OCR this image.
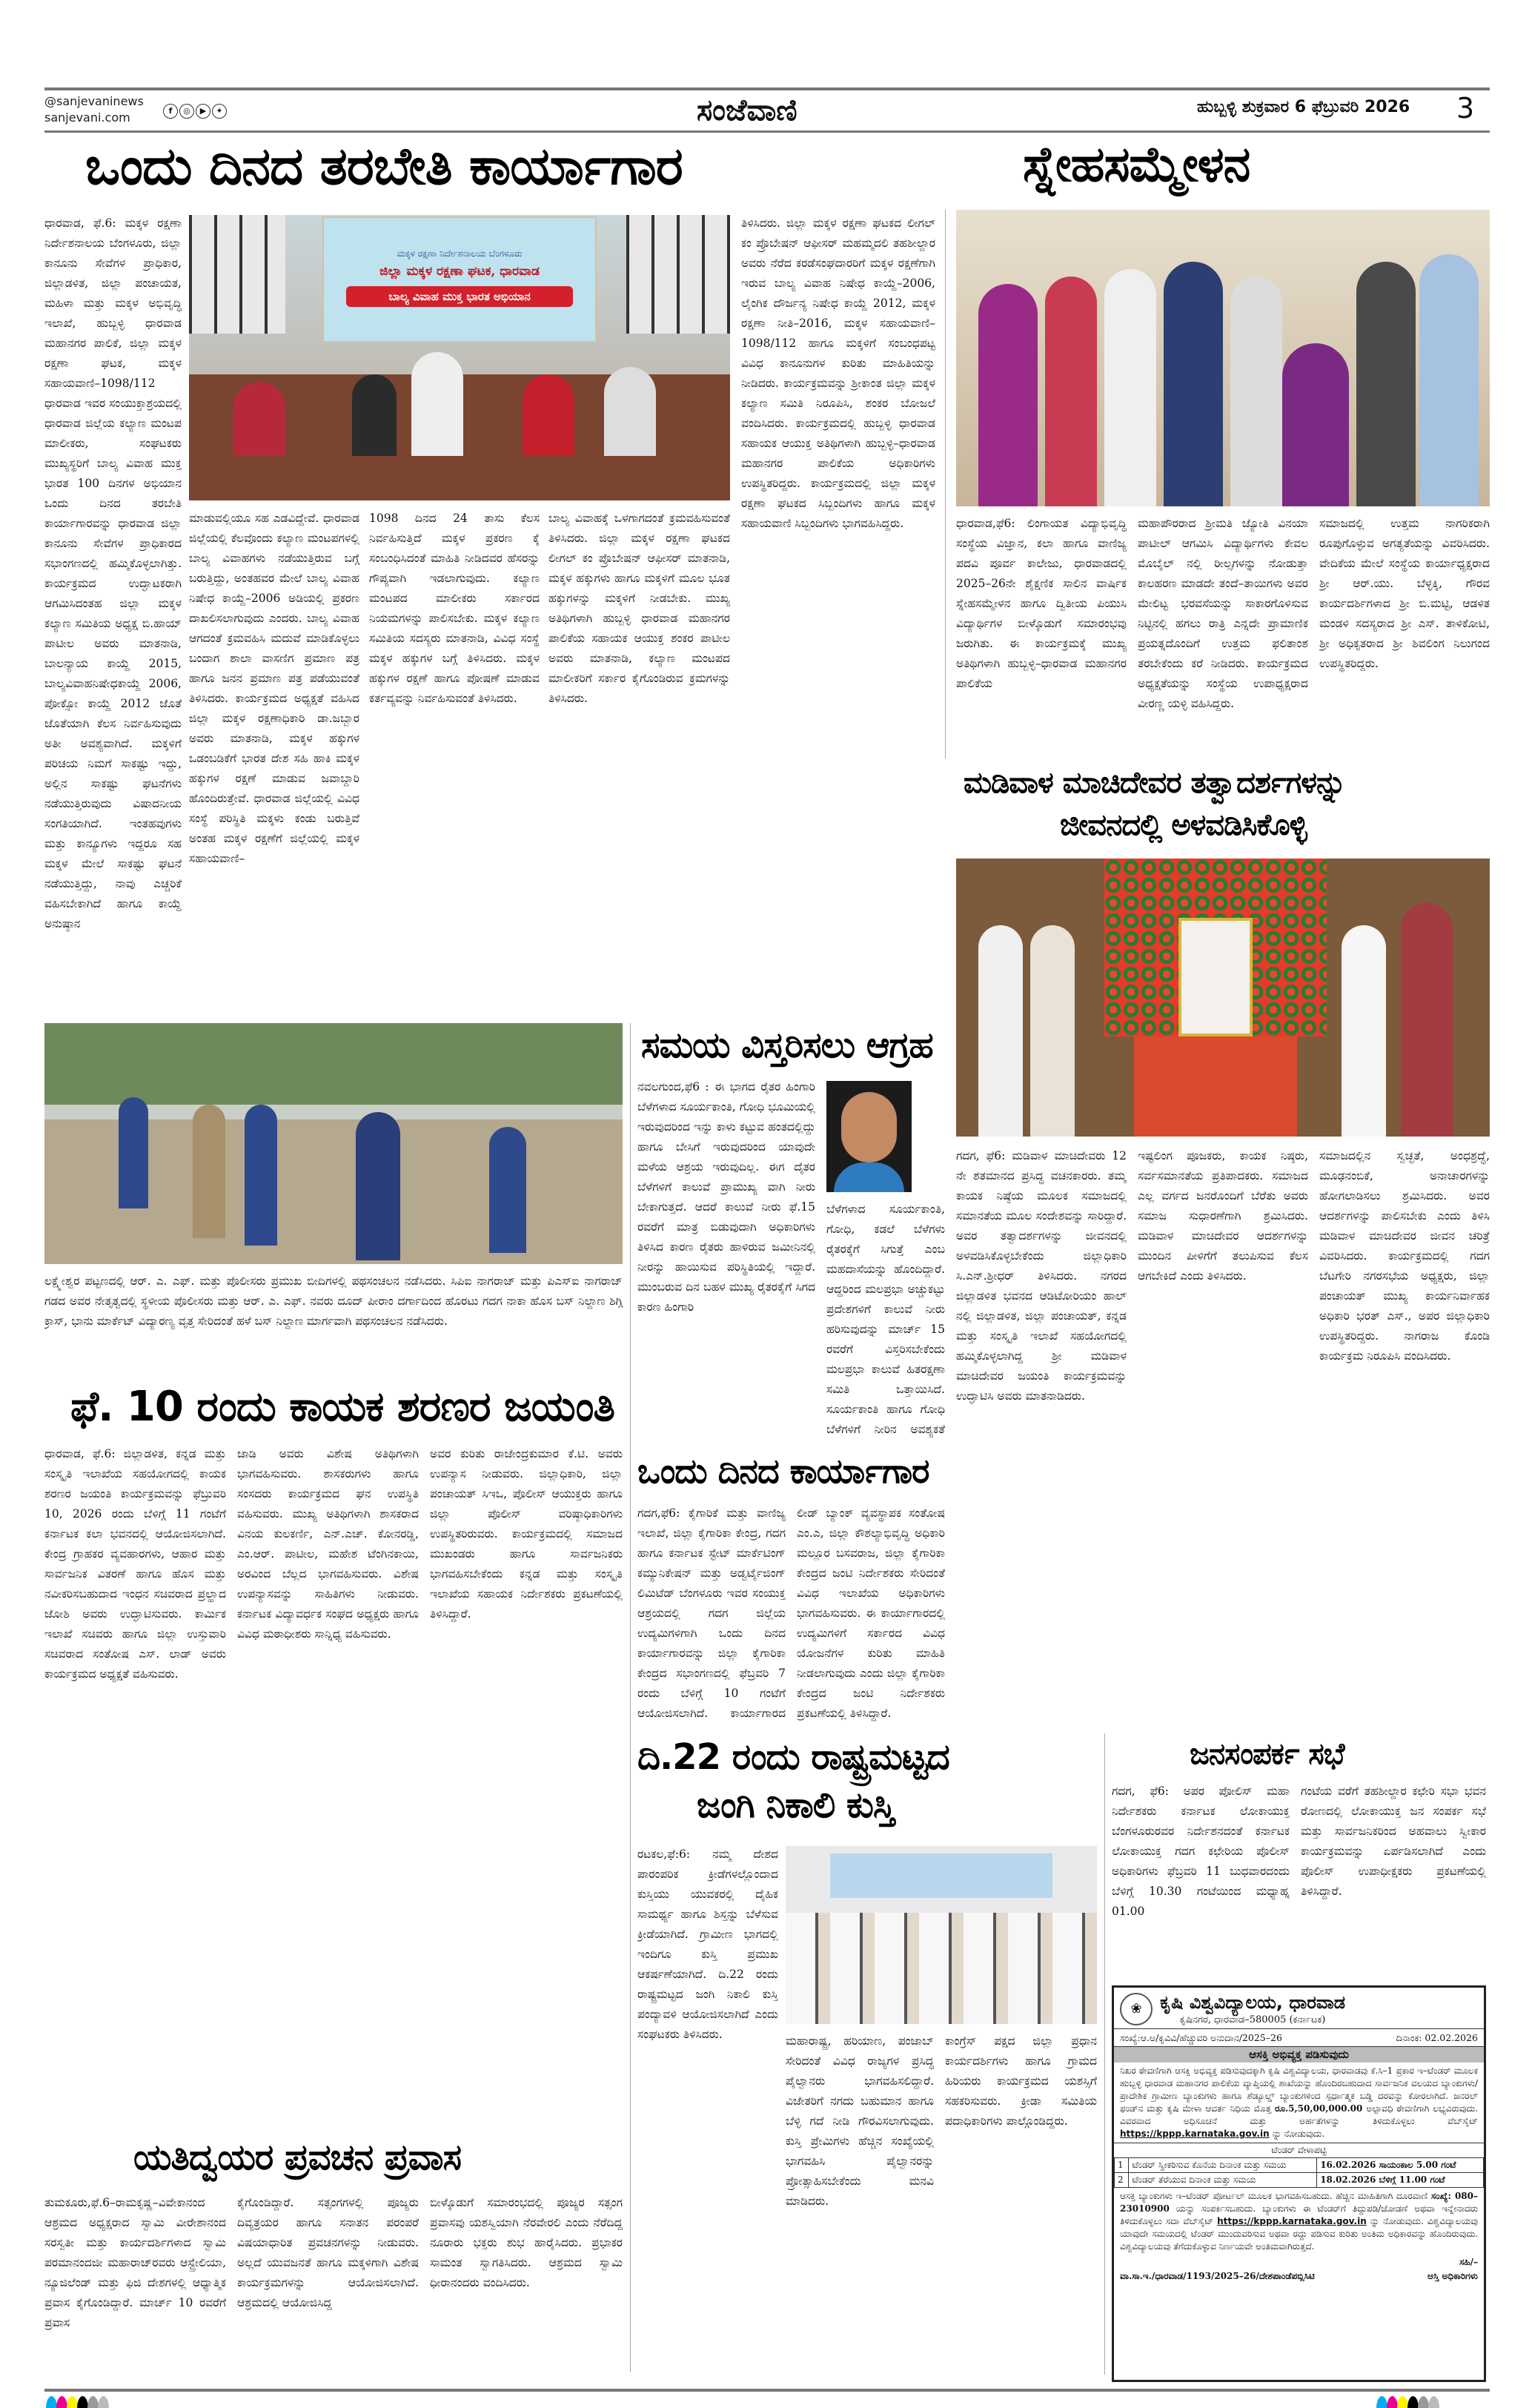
@sanjevaninews
sanjevani.com	f	◎	▶	✦	ಸಂಜೆವಾಣಿ	ಹುಬ್ಬಳ್ಳಿ ಶುಕ್ರವಾರ 6 ಫೆಬ್ರುವರಿ 2026 3
ಒಂದು ದಿನದ ತರಬೇತಿ ಕಾರ್ಯಾಗಾರ
ಧಾರವಾಡ, ಫೆ.6: ಮಕ್ಕಳ ರಕ್ಷಣಾ ನಿರ್ದೇಶನಾಲಯ ಬೆಂಗಳೂರು, ಜಿಲ್ಲಾ ಕಾನೂನು ಸೇವೆಗಳ ಪ್ರಾಧಿಕಾರ, ಜಿಲ್ಲಾಡಳಿತ, ಜಿಲ್ಲಾ ಪಂಚಾಯತ, ಮಹಿಳಾ ಮತ್ತು ಮಕ್ಕಳ ಅಭಿವೃದ್ಧಿ ಇಲಾಖೆ, ಹುಬ್ಬಳ್ಳಿ ಧಾರವಾಡ ಮಹಾನಗರ ಪಾಲಿಕೆ, ಜಿಲ್ಲಾ ಮಕ್ಕಳ ರಕ್ಷಣಾ ಘಟಕ, ಮಕ್ಕಳ ಸಹಾಯವಾಣಿ–1098/112 ಧಾರವಾಡ ಇವರ ಸಂಯುಕ್ತಾಶ್ರಯದಲ್ಲಿ ಧಾರವಾಡ ಜಿಲ್ಲೆಯ ಕಲ್ಯಾಣ ಮಂಟಪ ಮಾಲೀಕರು, ಸಂಘಟಕರು ಮುಖ್ಯಸ್ಥರಿಗೆ ಬಾಲ್ಯ ವಿವಾಹ ಮುಕ್ತ ಭಾರತ 100 ದಿನಗಳ ಅಭಿಯಾನ ಒಂದು ದಿನದ ತರಬೇತಿ ಕಾರ್ಯಾಗಾರವನ್ನು ಧಾರವಾಡ ಜಿಲ್ಲಾ ಕಾನೂನು ಸೇವೆಗಳ ಪ್ರಾಧಿಕಾರದ ಸಭಾಂಗಣದಲ್ಲಿ ಹಮ್ಮಿಕೊಳ್ಳಲಾಗಿತ್ತು. ಕಾರ್ಯಕ್ರಮದ ಉದ್ಘಾಟಕರಾಗಿ ಆಗಮಿಸಿದಂತಹ ಜಿಲ್ಲಾ ಮಕ್ಕಳ ಕಲ್ಯಾಣ ಸಮಿತಿಯ ಅಧ್ಯಕ್ಷ ಬಿ.ಹಾಯ್ ಪಾಟೀಲ ಅವರು ಮಾತನಾಡಿ, ಬಾಲನ್ಯಾಯ ಕಾಯ್ದೆ 2015, ಬಾಲ್ಯವಿವಾಹನಿಷೇಧಕಾಯ್ದೆ 2006, ಪೋಕ್ಸೋ ಕಾಯ್ದೆ 2012 ಜೊತೆ ಜೊತೆಯಾಗಿ ಕೆಲಸ ನಿರ್ವಹಿಸುವುದು ಅತೀ ಅವಶ್ಯವಾಗಿದೆ. ಮಕ್ಕಳಿಗೆ ಪರಿಚಯ ನಿಮಗೆ ಸಾಕಷ್ಟು ಇದ್ದು, ಅಲ್ಲಿನ ಸಾಕಷ್ಟು ಘಟನೆಗಳು ನಡೆಯುತ್ತಿರುವುದು ವಿಷಾದನೀಯ ಸಂಗತಿಯಾಗಿದೆ. ಇಂತಹವುಗಳು ಮತ್ತು ಕಾನ್ಯೂಗಳು ಇದ್ದರೂ ಸಹ ಮಕ್ಕಳ ಮೇಲೆ ಸಾಕಷ್ಟು ಘಟನೆ ನಡೆಯುತ್ತಿದ್ದು, ನಾವು ಎಚ್ಚರಿಕೆ ವಹಿಸಬೇಕಾಗಿದೆ ಹಾಗೂ ಕಾಯ್ದೆ ಅನುಷ್ಠಾನ
ಮಕ್ಕಳ ರಕ್ಷಣಾ ನಿರ್ದೇಶನಾಲಯ ಬೆಂಗಳೂರು
ಜಿಲ್ಲಾ ಮಕ್ಕಳ ರಕ್ಷಣಾ ಘಟಕ, ಧಾರವಾಡ
ಬಾಲ್ಯ ವಿವಾಹ ಮುಕ್ತ ಭಾರತ ಅಭಿಯಾನ
ಮಾಡುವಲ್ಲಿಯೂ ಸಹ ಎಡವಿದ್ದೇವೆ. ಧಾರವಾಡ ಜಿಲ್ಲೆಯಲ್ಲಿ ಕೆಲವೊಂದು ಕಲ್ಯಾಣ ಮಂಟಪಗಳಲ್ಲಿ ಬಾಲ್ಯ ವಿವಾಹಗಳು ನಡೆಯುತ್ತಿರುವ ಬಗ್ಗೆ ಬರುತ್ತಿದ್ದು, ಅಂತಹವರ ಮೇಲೆ ಬಾಲ್ಯ ವಿವಾಹ ನಿಷೇಧ ಕಾಯ್ದೆ–2006 ಅಡಿಯಲ್ಲಿ ಪ್ರಕರಣ ದಾಖಲಿಸಲಾಗುವುದು ಎಂದರು. ಬಾಲ್ಯ ವಿವಾಹ ಆಗದಂತೆ ಕ್ರಮವಹಿಸಿ ಮದುವೆ ಮಾಡಿಕೊಳ್ಳಲು ಬಂದಾಗ ಶಾಲಾ ವಾಸಣಿಗ ಪ್ರಮಾಣ ಪತ್ರ ಹಾಗೂ ಜನನ ಪ್ರಮಾಣ ಪತ್ರ ಪಡೆಯುವಂತೆ ತಿಳಿಸಿದರು. ಕಾರ್ಯಕ್ರಮದ ಅಧ್ಯಕ್ಷತೆ ವಹಿಸಿದ ಜಿಲ್ಲಾ ಮಕ್ಕಳ ರಕ್ಷಣಾಧಿಕಾರಿ ಡಾ.ಜಬ್ಬಾರ ಅವರು ಮಾತನಾಡಿ, ಮಕ್ಕಳ ಹಕ್ಕುಗಳ ಒಡಂಬಡಿಕೆಗೆ ಭಾರತ ದೇಶ ಸಹಿ ಹಾಕಿ ಮಕ್ಕಳ ಹಕ್ಕುಗಳ ರಕ್ಷಣೆ ಮಾಡುವ ಜವಾಬ್ದಾರಿ ಹೊಂದಿರುತ್ತೇವೆ. ಧಾರವಾಡ ಜಿಲ್ಲೆಯಲ್ಲಿ ವಿವಿಧ ಸಂಸ್ಥೆ ಪರಿಸ್ಥಿತಿ ಮಕ್ಕಳು ಕಂಡು ಬರುತ್ತಿವೆ ಅಂತಹ ಮಕ್ಕಳ ರಕ್ಷಣೆಗೆ ಜಿಲ್ಲೆಯಲ್ಲಿ ಮಕ್ಕಳ ಸಹಾಯವಾಣಿ–
1098 ದಿನದ 24 ತಾಸು ಕೆಲಸ ನಿರ್ವಹಿಸುತ್ತಿದೆ ಮಕ್ಕಳ ಪ್ರಕರಣ ಕ್ಕೆ ಸಂಬಂಧಿಸಿದಂತೆ ಮಾಹಿತಿ ನೀಡಿದವರ ಹೆಸರನ್ನು ಗೌಪ್ಯವಾಗಿ ಇಡಲಾಗುವುದು. ಕಲ್ಯಾಣ ಮಂಟಪದ ಮಾಲೀಕರು ಸರ್ಕಾರದ ನಿಯಮಗಳನ್ನು ಪಾಲಿಸಬೇಕು. ಮಕ್ಕಳ ಕಲ್ಯಾಣ ಸಮಿತಿಯ ಸದಸ್ಯರು ಮಾತನಾಡಿ, ವಿವಿಧ ಸಂಸ್ಥೆ ಮಕ್ಕಳ ಹಕ್ಕುಗಳ ಬಗ್ಗೆ ತಿಳಿಸಿದರು. ಮಕ್ಕಳ ಹಕ್ಕುಗಳ ರಕ್ಷಣೆ ಹಾಗೂ ಪೋಷಣೆ ಮಾಡುವ ಕರ್ತವ್ಯವನ್ನು ನಿರ್ವಹಿಸುವಂತೆ ತಿಳಿಸಿದರು.
ಬಾಲ್ಯ ವಿವಾಹಕ್ಕೆ ಒಳಗಾಗದಂತೆ ಕ್ರಮವಹಿಸುವಂತೆ ತಿಳಿಸಿದರು. ಜಿಲ್ಲಾ ಮಕ್ಕಳ ರಕ್ಷಣಾ ಘಟಕದ ಲೀಗಲ್ ಕಂ ಪ್ರೊಬೇಷನ್ ಆಫೀಸರ್ ಮಾತನಾಡಿ, ಮಕ್ಕಳ ಹಕ್ಕುಗಳು ಹಾಗೂ ಮಕ್ಕಳಿಗೆ ಮೂಲ ಭೂತ ಹಕ್ಕುಗಳನ್ನು ಮಕ್ಕಳಿಗೆ ನೀಡಬೇಕು. ಮುಖ್ಯ ಅತಿಥಿಗಳಾಗಿ ಹುಬ್ಬಳ್ಳಿ ಧಾರವಾಡ ಮಹಾನಗರ ಪಾಲಿಕೆಯ ಸಹಾಯಕ ಆಯುಕ್ತ ಶಂಕರ ಪಾಟೀಲ ಅವರು ಮಾತನಾಡಿ, ಕಲ್ಯಾಣ ಮಂಟಪದ ಮಾಲೀಕರಿಗೆ ಸರ್ಕಾರ ಕೈಗೊಂಡಿರುವ ಕ್ರಮಗಳನ್ನು ತಿಳಿಸಿದರು.
ತಿಳಿಸಿದರು. ಜಿಲ್ಲಾ ಮಕ್ಕಳ ರಕ್ಷಣಾ ಘಟಕದ ಲೀಗಲ್ ಕಂ ಪ್ರೊಬೇಷನ್ ಆಫೀಸರ್ ಮಹಮ್ಮದಲಿ ತಹಶೀಲ್ದಾರ ಅವರು ನೆರೆದ ಕರಡೆಸಂಘದಾರರಿಗೆ ಮಕ್ಕಳ ರಕ್ಷಣೆಗಾಗಿ ಇರುವ ಬಾಲ್ಯ ವಿವಾಹ ನಿಷೇಧ ಕಾಯ್ದೆ–2006, ಲೈಂಗಿಕ ದೌರ್ಜನ್ಯ ನಿಷೇಧ ಕಾಯ್ದೆ 2012, ಮಕ್ಕಳ ರಕ್ಷಣಾ ನೀತಿ–2016, ಮಕ್ಕಳ ಸಹಾಯವಾಣಿ–1098/112 ಹಾಗೂ ಮಕ್ಕಳಿಗೆ ಸಂಬಂಧಪಟ್ಟ ವಿವಿಧ ಕಾನೂನುಗಳ ಕುರಿತು ಮಾಹಿತಿಯನ್ನು ನೀಡಿದರು. ಕಾರ್ಯಕ್ರಮವನ್ನು ಶ್ರೀಕಾಂತ ಜಿಲ್ಲಾ ಮಕ್ಕಳ ಕಲ್ಯಾಣ ಸಮಿತಿ ನಿರೂಪಿಸಿ, ಶಂಕರ ಬೋಜಲೆ ವಂದಿಸಿದರು. ಕಾರ್ಯಕ್ರಮದಲ್ಲಿ ಹುಬ್ಬಳ್ಳಿ ಧಾರವಾಡ ಸಹಾಯಕ ಆಯುಕ್ತ ಅತಿಥಿಗಳಾಗಿ ಹುಬ್ಬಳ್ಳಿ–ಧಾರವಾಡ ಮಹಾನಗರ ಪಾಲಿಕೆಯ ಅಧಿಕಾರಿಗಳು ಉಪಸ್ಥಿತರಿದ್ದರು. ಕಾರ್ಯಕ್ರಮದಲ್ಲಿ ಜಿಲ್ಲಾ ಮಕ್ಕಳ ರಕ್ಷಣಾ ಘಟಕದ ಸಿಬ್ಬಂದಿಗಳು ಹಾಗೂ ಮಕ್ಕಳ ಸಹಾಯವಾಣಿ ಸಿಬ್ಬಂದಿಗಳು ಭಾಗವಹಿಸಿದ್ದರು.
ಸ್ನೇಹಸಮ್ಮೇಳನ
ಧಾರವಾಡ,ಫೆ6: ಲಿಂಗಾಯತ ವಿದ್ಯಾಭಿವೃದ್ಧಿ ಸಂಸ್ಥೆಯ ವಿಜ್ಞಾನ, ಕಲಾ ಹಾಗೂ ವಾಣಿಜ್ಯ ಪದವಿ ಪೂರ್ವ ಕಾಲೇಜು, ಧಾರವಾಡದಲ್ಲಿ 2025–26ನೇ ಶೈಕ್ಷಣಿಕ ಸಾಲಿನ ವಾರ್ಷಿಕ ಸ್ನೇಹಸಮ್ಮೇಳನ ಹಾಗೂ ದ್ವಿತೀಯ ಪಿಯುಸಿ ವಿದ್ಯಾರ್ಥಿಗಳ ಬೀಳ್ಕೊಡುಗೆ ಸಮಾರಂಭವು ಜರುಗಿತು. ಈ ಕಾರ್ಯಕ್ರಮಕ್ಕೆ ಮುಖ್ಯ ಅತಿಥಿಗಳಾಗಿ ಹುಬ್ಬಳ್ಳಿ–ಧಾರವಾಡ ಮಹಾನಗರ ಪಾಲಿಕೆಯ
ಮಹಾಪೌರರಾದ ಶ್ರೀಮತಿ ಜ್ಯೋತಿ ವಿನಯಾ ಪಾಟೀಲ್ ಆಗಮಿಸಿ ವಿದ್ಯಾರ್ಥಿಗಳು ಕೇವಲ ಮೊಬೈಲ್ ನಲ್ಲಿ ರೀಲ್ಸಗಳನ್ನು ನೋಡುತ್ತಾ ಕಾಲಹರಣ ಮಾಡದೇ ತಂದೆ–ತಾಯಿಗಳು ಅವರ ಮೇಲಿಟ್ಟ ಭರವಸೆಯನ್ನು ಸಾಕಾರಗೊಳಿಸುವ ನಿಟ್ಟಿನಲ್ಲಿ ಹಗಲು ರಾತ್ರಿ ಎನ್ನದೇ ಪ್ರಾಮಾಣಿಕ ಪ್ರಯತ್ನದೊಂದಿಗೆ ಉತ್ತಮ ಫಲಿತಾಂಶ ತರಬೇಕೆಂದು ಕರೆ ನೀಡಿದರು. ಕಾರ್ಯಕ್ರಮದ ಅಧ್ಯಕ್ಷತೆಯನ್ನು ಸಂಸ್ಥೆಯ ಉಪಾಧ್ಯಕ್ಷರಾದ ವೀರಣ್ಣ ಯಳ್ಳಿ ವಹಿಸಿದ್ದರು.
ಸಮಾಜದಲ್ಲಿ ಉತ್ತಮ ನಾಗರಿಕರಾಗಿ ರೂಪುಗೊಳ್ಳುವ ಅಗತ್ಯತೆಯನ್ನು ವಿವರಿಸಿದರು. ವೇದಿಕೆಯ ಮೇಲೆ ಸಂಸ್ಥೆಯ ಕಾರ್ಯಾಧ್ಯಕ್ಷರಾದ ಶ್ರೀ ಆರ್.ಯು. ಬೆಳ್ಳಕ್ಕಿ, ಗೌರವ ಕಾರ್ಯದರ್ಶಿಗಳಾದ ಶ್ರೀ ಬಿ.ಮಟ್ಟಿ, ಆಡಳಿತ ಮಂಡಳಿ ಸದಸ್ಯರಾದ ಶ್ರೀ ಎಸ್. ತಾಳಿಕೋಟಿ, ಶ್ರೀ ಅಧಿಕೃತರಾದ ಶ್ರೀ ಶಿವಲಿಂಗ ನಿಲುಗಂದ ಉಪಸ್ಥಿತರಿದ್ದರು.
ಮಡಿವಾಳ ಮಾಚಿದೇವರ ತತ್ವಾದರ್ಶಗಳನ್ನು
ಜೀವನದಲ್ಲಿ ಅಳವಡಿಸಿಕೊಳ್ಳಿ
ಗದಗ, ಫೆ6: ಮಡಿವಾಳ ಮಾಚಿದೇವರು 12 ನೇ ಶತಮಾನದ ಪ್ರಸಿದ್ಧ ವಚನಕಾರರು. ತಮ್ಮ ಕಾಯಕ ನಿಷ್ಠೆಯ ಮೂಲಕ ಸಮಾಜದಲ್ಲಿ ಸಮಾನತೆಯ ಮೂಲ ಸಂದೇಶವನ್ನು ಸಾರಿದ್ದಾರೆ. ಅವರ ತತ್ವಾದರ್ಶಗಳನ್ನು ಜೀವನದಲ್ಲಿ ಅಳವಡಿಸಿಕೊಳ್ಳಬೇಕೆಂದು ಜಿಲ್ಲಾಧಿಕಾರಿ ಸಿ.ಎನ್.ಶ್ರೀಧರ್ ತಿಳಿಸಿದರು. ನಗರದ ಜಿಲ್ಲಾಡಳಿತ ಭವನದ ಆಡಿಟೋರಿಯಂ ಹಾಲ್ ನಲ್ಲಿ ಜಿಲ್ಲಾಡಳಿತ, ಜಿಲ್ಲಾ ಪಂಚಾಯತ್, ಕನ್ನಡ ಮತ್ತು ಸಂಸ್ಕೃತಿ ಇಲಾಖೆ ಸಹಯೋಗದಲ್ಲಿ ಹಮ್ಮಿಕೊಳ್ಳಲಾಗಿದ್ದ ಶ್ರೀ ಮಡಿವಾಳ ಮಾಚಿದೇವರ ಜಯಂತಿ ಕಾರ್ಯಕ್ರಮವನ್ನು ಉದ್ಘಾಟಿಸಿ ಅವರು ಮಾತನಾಡಿದರು.
ಇಷ್ಟಲಿಂಗ ಪೂಜಕರು, ಕಾಯಕ ನಿಷ್ಠರು, ಸರ್ವಸಮಾನತೆಯ ಪ್ರತಿಪಾದಕರು. ಸಮಾಜದ ಎಲ್ಲ ವರ್ಗದ ಜನರೊಂದಿಗೆ ಬೆರೆತು ಅವರು ಸಮಾಜ ಸುಧಾರಣೆಗಾಗಿ ಶ್ರಮಿಸಿದರು. ಮಡಿವಾಳ ಮಾಚಿದೇವರ ಆದರ್ಶಗಳನ್ನು ಮುಂದಿನ ಪೀಳಿಗೆಗೆ ತಲುಪಿಸುವ ಕೆಲಸ ಆಗಬೇಕಿದೆ ಎಂದು ತಿಳಿಸಿದರು.
ಸಮಾಜದಲ್ಲಿನ ಸ್ವಚ್ಛತೆ, ಅಂಧಶ್ರದ್ಧೆ, ಮೂಢನಂಬಿಕೆ, ಅನಾಚಾರಗಳನ್ನು ಹೋಗಲಾಡಿಸಲು ಶ್ರಮಿಸಿದರು. ಅವರ ಆದರ್ಶಗಳನ್ನು ಪಾಲಿಸಬೇಕು ಎಂದು ತಿಳಿಸಿ ಮಡಿವಾಳ ಮಾಚಿದೇವರ ಜೀವನ ಚರಿತ್ರೆ ವಿವರಿಸಿದರು. ಕಾರ್ಯಕ್ರಮದಲ್ಲಿ ಗದಗ ಬೆಟಗೇರಿ ನಗರಸಭೆಯ ಅಧ್ಯಕ್ಷರು, ಜಿಲ್ಲಾ ಪಂಚಾಯತ್ ಮುಖ್ಯ ಕಾರ್ಯನಿರ್ವಾಹಕ ಅಧಿಕಾರಿ ಭರತ್ ಎಸ್., ಅಪರ ಜಿಲ್ಲಾಧಿಕಾರಿ ಉಪಸ್ಥಿತರಿದ್ದರು. ನಾಗರಾಜ ಕೊಂಡಿ ಕಾರ್ಯಕ್ರಮ ನಿರೂಪಿಸಿ ವಂದಿಸಿದರು.
ಲಕ್ಷ್ಮೇಶ್ವರ ಪಟ್ಟಣದಲ್ಲಿ ಆರ್. ಎ. ಎಫ್. ಮತ್ತು ಪೊಲೀಸರು ಪ್ರಮುಖ ಬೀದಿಗಳಲ್ಲಿ ಪಥಸಂಚಲನ ನಡೆಸಿದರು. ಸಿಪಿಐ ನಾಗರಾಜ್ ಮತ್ತು ಪಿಎಸ್‌ಐ ನಾಗರಾಜ್ ಗಡದ ಅವರ ನೇತೃತ್ವದಲ್ಲಿ ಸ್ಥಳೀಯ ಪೊಲೀಸರು ಮತ್ತು ಆರ್. ಎ. ಎಫ್. ನವರು ದೂದ್ ಪೀರಾಂ ದರ್ಗಾದಿಂದ ಹೊರಟು ಗದಗ ನಾಕಾ ಹೊಸ ಬಸ್ ನಿಲ್ದಾಣ ಶಿಗ್ಗಿ ಕ್ರಾಸ್, ಭಾನು ಮಾರ್ಕೆಟ್ ವಿದ್ಯಾರಣ್ಯ ವೃತ್ತ ಸೇರಿದಂತೆ ಹಳೆ ಬಸ್ ನಿಲ್ದಾಣ ಮಾರ್ಗವಾಗಿ ಪಥಸಂಚಲನ ನಡೆಸಿದರು.
ಸಮಯ ವಿಸ್ತರಿಸಲು ಆಗ್ರಹ
ನವಲಗುಂದ,ಫೆ6 : ಈ ಭಾಗದ ರೈತರ ಹಿಂಗಾರಿ ಬೆಳೆಗಳಾದ ಸೂರ್ಯಕಾಂತಿ, ಗೋಧಿ ಭೂಮಿಯಲ್ಲಿ ಇರುವುದರಿಂದ ಇನ್ನು ಕಾಳು ಕಟ್ಟುವ ಹಂತದಲ್ಲಿದ್ದು ಹಾಗೂ ಬೇಸಿಗೆ ಇರುವುದರಿಂದ ಯಾವುದೇ ಮಳೆಯ ಆಶ್ರಯ ಇರುವುದಿಲ್ಲ. ಈಗ ದೈತರ ಬೆಳೆಗಳಿಗೆ ಕಾಲುವೆ ಪ್ರಾಮುಖ್ಯ ವಾಗಿ ನೀರು ಬೇಕಾಗುತ್ತದೆ. ಆದರೆ ಕಾಲುವೆ ನೀರು ಫೆ.15 ರವರೆಗೆ ಮಾತ್ರ ಬಿಡುವುದಾಗಿ ಅಧಿಕಾರಿಗಳು ತಿಳಿಸಿದ ಕಾರಣ ರೈತರು ಹಾಳಿರುವ ಜಮೀನಿನಲ್ಲಿ ನೀರನ್ನು ಹಾಯಿಸುವ ಪರಿಸ್ಥಿತಿಯಲ್ಲಿ ಇದ್ದಾರೆ. ಮುಂಬರುವ ದಿನ ಬಹಳ ಮುಖ್ಯ ರೈತರಕೈಗೆ ಸಿಗದ ಕಾರಣ ಹಿಂಗಾರಿ
ಬೆಳೆಗಳಾದ ಸೂರ್ಯಕಾಂತಿ, ಗೋಧಿ, ಕಡಲೆ ಬೆಳೆಗಳು ರೈತರಕ್ಕೆಗೆ ಸಿಗುತ್ತೆ ಎಂಬ ಮಹದಾಸೆಯನ್ನು ಹೊಂದಿದ್ದಾರೆ. ಆದ್ದರಿಂದ ಮಲಪ್ರಭಾ ಅಚ್ಚುಕಟ್ಟು ಪ್ರದೇಶಗಳಿಗೆ ಕಾಲುವೆ ನೀರು ಹರಿಸುವುದನ್ನು ಮಾರ್ಚ್ 15 ರವರೆಗೆ ವಿಸ್ತರಿಸಬೇಕೆಂದು ಮಲಪ್ರಭಾ ಕಾಲುವೆ ಹಿತರಕ್ಷಣಾ ಸಮಿತಿ ಒತ್ತಾಯಿಸಿದೆ. ಸೂರ್ಯಕಾಂತಿ ಹಾಗೂ ಗೋಧಿ ಬೆಳೆಗಳಿಗೆ ನೀರಿನ ಅವಶ್ಯಕತೆ
ಒಂದು ದಿನದ ಕಾರ್ಯಾಗಾರ
ಗದಗ,ಫೆ6: ಕೈಗಾರಿಕೆ ಮತ್ತು ವಾಣಿಜ್ಯ ಇಲಾಖೆ, ಜಿಲ್ಲಾ ಕೈಗಾರಿಕಾ ಕೇಂದ್ರ, ಗದಗ ಹಾಗೂ ಕರ್ನಾಟಕ ಸ್ಟೇಟ್ ಮಾರ್ಕೆಟಿಂಗ್ ಕಮ್ಯುನಿಕೇಷನ್ ಮತ್ತು ಅಡ್ವರ್ಟೈಜಿಂಗ್ ಲಿಮಿಟೆಡ್ ಬೆಂಗಳೂರು ಇವರ ಸಂಯುಕ್ತ ಆಶ್ರಯದಲ್ಲಿ ಗದಗ ಜಿಲ್ಲೆಯ ಉದ್ಯಮಿಗಳಿಗಾಗಿ ಒಂದು ದಿನದ ಕಾರ್ಯಾಗಾರವನ್ನು ಜಿಲ್ಲಾ ಕೈಗಾರಿಕಾ ಕೇಂದ್ರದ ಸಭಾಂಗಣದಲ್ಲಿ ಫೆಬ್ರವರಿ 7 ರಂದು ಬೆಳಿಗ್ಗೆ 10 ಗಂಟೆಗೆ ಆಯೋಜಿಸಲಾಗಿದೆ. ಕಾರ್ಯಾಗಾರದ
ಲೀಡ್ ಬ್ಯಾಂಕ್ ವ್ಯವಸ್ಥಾಪಕ ಸಂತೋಷ ಎಂ.ಎ, ಜಿಲ್ಲಾ ಕೌಶಲ್ಯಾಭಿವೃದ್ಧಿ ಅಧಿಕಾರಿ ಮಲ್ಲೂರ ಬಸವರಾಜ, ಜಿಲ್ಲಾ ಕೈಗಾರಿಕಾ ಕೇಂದ್ರದ ಜಂಟಿ ನಿರ್ದೇಶಕರು ಸೇರಿದಂತೆ ವಿವಿಧ ಇಲಾಖೆಯ ಅಧಿಕಾರಿಗಳು ಭಾಗವಹಿಸುವರು. ಈ ಕಾರ್ಯಾಗಾರದಲ್ಲಿ ಉದ್ಯಮಿಗಳಿಗೆ ಸರ್ಕಾರದ ವಿವಿಧ ಯೋಜನೆಗಳ ಕುರಿತು ಮಾಹಿತಿ ನೀಡಲಾಗುವುದು ಎಂದು ಜಿಲ್ಲಾ ಕೈಗಾರಿಕಾ ಕೇಂದ್ರದ ಜಂಟಿ ನಿರ್ದೇಶಕರು ಪ್ರಕಟಣೆಯಲ್ಲಿ ತಿಳಿಸಿದ್ದಾರೆ.
ಫೆ. 10 ರಂದು ಕಾಯಕ ಶರಣರ ಜಯಂತಿ
ಧಾರವಾಡ, ಫೆ.6: ಜಿಲ್ಲಾಡಳಿತ, ಕನ್ನಡ ಮತ್ತು ಸಂಸ್ಕೃತಿ ಇಲಾಖೆಯ ಸಹಯೋಗದಲ್ಲಿ ಕಾಯಕ ಶರಣರ ಜಯಂತಿ ಕಾರ್ಯಕ್ರಮವನ್ನು ಫೆಬ್ರುವರಿ 10, 2026 ರಂದು ಬೆಳಿಗ್ಗೆ 11 ಗಂಟೆಗೆ ಕರ್ನಾಟಕ ಕಲಾ ಭವನದಲ್ಲಿ ಆಯೋಜಿಸಲಾಗಿದೆ. ಕೇಂದ್ರ ಗ್ರಾಹಕರ ವ್ಯವಹಾರಗಳು, ಆಹಾರ ಮತ್ತು ಸಾರ್ವಜನಿಕ ವಿತರಣೆ ಹಾಗೂ ಹೊಸ ಮತ್ತು ನವೀಕರಿಸಬಹುದಾದ ಇಂಧನ ಸಚಿವರಾದ ಪ್ರಲ್ಹಾದ ಜೋಶಿ ಅವರು ಉದ್ಘಾಟಿಸುವರು. ಕಾರ್ಮಿಕ ಇಲಾಖೆ ಸಚಿವರು ಹಾಗೂ ಜಿಲ್ಲಾ ಉಸ್ತುವಾರಿ ಸಚಿವರಾದ ಸಂತೋಷ ಎಸ್. ಲಾಡ್ ಅವರು ಕಾರ್ಯಕ್ರಮದ ಅಧ್ಯಕ್ಷತೆ ವಹಿಸುವರು.
ಜಾಡಿ ಅವರು ವಿಶೇಷ ಅತಿಥಿಗಳಾಗಿ ಭಾಗವಹಿಸುವರು. ಶಾಸಕರುಗಳು ಹಾಗೂ ಸಂಸದರು ಕಾರ್ಯಕ್ರಮದ ಘನ ಉಪಸ್ಥಿತಿ ವಹಿಸುವರು. ಮುಖ್ಯ ಅತಿಥಿಗಳಾಗಿ ಶಾಸಕರಾದ ವಿನಯ ಕುಲಕರ್ಣಿ, ಎನ್.ಎಚ್. ಕೋನರಡ್ಡಿ, ಎಂ.ಆರ್. ಪಾಟೀಲ, ಮಹೇಶ ಟೆಂಗಿನಕಾಯಿ, ಅರವಿಂದ ಬೆಲ್ಲದ ಭಾಗವಹಿಸುವರು. ವಿಶೇಷ ಉಪನ್ಯಾಸವನ್ನು ಸಾಹಿತಿಗಳು ನೀಡುವರು. ಕರ್ನಾಟಕ ವಿದ್ಯಾವರ್ಧಕ ಸಂಘದ ಅಧ್ಯಕ್ಷರು ಹಾಗೂ ವಿವಿಧ ಮಠಾಧೀಶರು ಸಾನ್ನಿಧ್ಯ ವಹಿಸುವರು.
ಅವರ ಕುರಿತು ರಾಜೇಂದ್ರಕುಮಾರ ಕೆ.ಟಿ. ಅವರು ಉಪನ್ಯಾಸ ನೀಡುವರು. ಜಿಲ್ಲಾಧಿಕಾರಿ, ಜಿಲ್ಲಾ ಪಂಚಾಯತ್ ಸಿಇಒ, ಪೊಲೀಸ್ ಆಯುಕ್ತರು ಹಾಗೂ ಜಿಲ್ಲಾ ಪೊಲೀಸ್ ವರಿಷ್ಠಾಧಿಕಾರಿಗಳು ಉಪಸ್ಥಿತರಿರುವರು. ಕಾರ್ಯಕ್ರಮದಲ್ಲಿ ಸಮಾಜದ ಮುಖಂಡರು ಹಾಗೂ ಸಾರ್ವಜನಿಕರು ಭಾಗವಹಿಸಬೇಕೆಂದು ಕನ್ನಡ ಮತ್ತು ಸಂಸ್ಕೃತಿ ಇಲಾಖೆಯ ಸಹಾಯಕ ನಿರ್ದೇಶಕರು ಪ್ರಕಟಣೆಯಲ್ಲಿ ತಿಳಿಸಿದ್ದಾರೆ.
ಯತಿದ್ವಯರ ಪ್ರವಚನ ಪ್ರವಾಸ
ತುಮಕೂರು,ಫೆ.6–ರಾಮಕೃಷ್ಣ–ವಿವೇಕಾನಂದ ಆಶ್ರಮದ ಅಧ್ಯಕ್ಷರಾದ ಸ್ವಾಮಿ ವೀರೇಶಾನಂದ ಸರಸ್ವತೀ ಮತ್ತು ಕಾರ್ಯದರ್ಶಿಗಳಾದ ಸ್ವಾಮಿ ಪರಮಾನಂದಜೀ ಮಹಾರಾಜ್‌ರವರು ಆಸ್ಟ್ರೇಲಿಯಾ, ನ್ಯೂಜಿಲೆಂಡ್ ಮತ್ತು ಫಿಜಿ ದೇಶಗಳಲ್ಲಿ ಆಧ್ಯಾತ್ಮಿಕ ಪ್ರವಾಸ ಕೈಗೊಂಡಿದ್ದಾರೆ. ಮಾರ್ಚ್ 10 ರವರೆಗೆ ಪ್ರವಾಸ
ಕೈಗೊಂಡಿದ್ದಾರೆ. ಸತ್ಸಂಗಗಳಲ್ಲಿ ಪೂಜ್ಯರು ದಿವ್ಯತ್ರಯರ ಹಾಗೂ ಸನಾತನ ಪರಂಪರೆ ವಿಷಯಾಧಾರಿತ ಪ್ರವಚನಗಳನ್ನು ನೀಡುವರು. ಅಲ್ಲದೆ ಯುವಜನತೆ ಹಾಗೂ ಮಕ್ಕಳಿಗಾಗಿ ವಿಶೇಷ ಕಾರ್ಯಕ್ರಮಗಳನ್ನು ಆಯೋಜಿಸಲಾಗಿದೆ. ಆಶ್ರಮದಲ್ಲಿ ಆಯೋಜಿಸಿದ್ದ
ಬೀಳ್ಕೊಡುಗೆ ಸಮಾರಂಭದಲ್ಲಿ ಪೂಜ್ಯರ ಸತ್ಸಂಗ ಪ್ರವಾಸವು ಯಶಸ್ವಿಯಾಗಿ ನೆರವೇರಲಿ ಎಂದು ನೆರೆದಿದ್ದ ನೂರಾರು ಭಕ್ತರು ಶುಭ ಹಾರೈಸಿದರು. ಪ್ರಭಾಕರ ಸಾಮಂತ ಸ್ವಾಗತಿಸಿದರು. ಆಶ್ರಮದ ಸ್ವಾಮಿ ಧೀರಾನಂದರು ವಂದಿಸಿದರು.
ದಿ.22 ರಂದು ರಾಷ್ಟ್ರಮಟ್ಟದ
ಜಂಗಿ ನಿಕಾಲಿ ಕುಸ್ತಿ
ರಟಕಲ,ಫೆ:6: ನಮ್ಮ ದೇಶದ ಪಾರಂಪರಿಕ ಕ್ರೀಡೆಗಳಲ್ಲೊಂದಾದ ಕುಸ್ತಿಯು ಯುವಕರಲ್ಲಿ ದೈಹಿಕ ಸಾಮರ್ಥ್ಯ ಹಾಗೂ ಶಿಸ್ತನ್ನು ಬೆಳೆಸುವ ಕ್ರೀಡೆಯಾಗಿದೆ. ಗ್ರಾಮೀಣ ಭಾಗದಲ್ಲಿ ಇಂದಿಗೂ ಕುಸ್ತಿ ಪ್ರಮುಖ ಆಕರ್ಷಣೆಯಾಗಿದೆ. ದಿ.22 ರಂದು ರಾಷ್ಟ್ರಮಟ್ಟದ ಜಂಗಿ ನಿಕಾಲಿ ಕುಸ್ತಿ ಪಂದ್ಯಾವಳಿ ಆಯೋಜಿಸಲಾಗಿದೆ ಎಂದು ಸಂಘಟಕರು ತಿಳಿಸಿದರು.	ಮಹಾರಾಷ್ಟ್ರ, ಹರಿಯಾಣ, ಪಂಜಾಬ್ ಸೇರಿದಂತೆ ವಿವಿಧ ರಾಜ್ಯಗಳ ಪ್ರಸಿದ್ಧ ಪೈಲ್ವಾನರು ಭಾಗವಹಿಸಲಿದ್ದಾರೆ. ವಿಜೇತರಿಗೆ ನಗದು ಬಹುಮಾನ ಹಾಗೂ ಬೆಳ್ಳಿ ಗದೆ ನೀಡಿ ಗೌರವಿಸಲಾಗುವುದು. ಕುಸ್ತಿ ಪ್ರೇಮಿಗಳು ಹೆಚ್ಚಿನ ಸಂಖ್ಯೆಯಲ್ಲಿ ಭಾಗವಹಿಸಿ ಪೈಲ್ವಾನರನ್ನು ಪ್ರೋತ್ಸಾಹಿಸಬೇಕೆಂದು ಮನವಿ ಮಾಡಿದರು.
ಕಾಂಗ್ರೆಸ್ ಪಕ್ಷದ ಜಿಲ್ಲಾ ಪ್ರಧಾನ ಕಾರ್ಯದರ್ಶಿಗಳು ಹಾಗೂ ಗ್ರಾಮದ ಹಿರಿಯರು ಕಾರ್ಯಕ್ರಮದ ಯಶಸ್ಸಿಗೆ ಸಹಕರಿಸುವರು. ಕ್ರೀಡಾ ಸಮಿತಿಯ ಪದಾಧಿಕಾರಿಗಳು ಪಾಲ್ಗೊಂಡಿದ್ದರು.
ಜನಸಂಪರ್ಕ ಸಭೆ
ಗದಗ, ಫೆ6: ಅಪರ ಪೋಲಿಸ್ ಮಹಾ ನಿರ್ದೇಶಕರು ಕರ್ನಾಟಕ ಲೋಕಾಯುಕ್ತ ಬೆಂಗಳೂರುರವರ ನಿರ್ದೇಶನದಂತೆ ಕರ್ನಾಟಕ ಲೋಕಾಯುಕ್ತ ಗದಗ ಕಛೇರಿಯ ಪೊಲೀಸ್ ಅಧಿಕಾರಿಗಳು ಫೆಬ್ರವರಿ 11 ಬುಧವಾರದಂದು ಬೆಳಿಗ್ಗೆ 10.30 ಗಂಟೆಯಿಂದ ಮಧ್ಯಾಹ್ನ 01.00
ಗಂಟೆಯ ವರೆಗೆ ತಹಶೀಲ್ದಾರ ಕಛೇರಿ ಸಭಾ ಭವನ ರೋಣದಲ್ಲಿ ಲೋಕಾಯುಕ್ತ ಜನ ಸಂಪರ್ಕ ಸಭೆ ಮತ್ತು ಸಾರ್ವಜನಿಕರಿಂದ ಅಹವಾಲು ಸ್ವೀಕಾರ ಕಾರ್ಯಕ್ರಮವನ್ನು ಏರ್ಪಡಿಸಲಾಗಿದೆ ಎಂದು ಪೊಲೀಸ್ ಉಪಾಧೀಕ್ಷಕರು ಪ್ರಕಟಣೆಯಲ್ಲಿ ತಿಳಿಸಿದ್ದಾರೆ.
❀	ಕೃಷಿ ವಿಶ್ವವಿದ್ಯಾಲಯ, ಧಾರವಾಡ
ಕೃಷಿನಗರ, ಧಾರವಾಡ–580005 (ಕರ್ನಾಟಕ)
ಸಂಖ್ಯೆ:ಆ.ಅ/ಕೃವಿವಿ/ಹೆಚ್ಚುವರಿ ಅನುದಾನ/2025–26	ದಿನಾಂಕ: 02.02.2026
ಆಸಕ್ತಿ ಅಭಿವ್ಯಕ್ತ ಪಡಿಸುವುದು
ನಿಖರ ಠೇವಣಿಗಾಗಿ ಆಸಕ್ತಿ ಅಭಿವ್ಯಕ್ತ ಪಡಿಸುವುದಕ್ಕಾಗಿ ಕೃಷಿ ವಿಶ್ವವಿದ್ಯಾಲಯ, ಧಾರವಾಡವು ಕೆ.ಸಿ–1 ಪ್ರಕಾರ ಇ–ಟೆಂಡರ್ ಮೂಲಕ ಹುಬ್ಬಳ್ಳಿ ಧಾರವಾಡ ಮಹಾನಗರ ಪಾಲಿಕೆಯ ವ್ಯಾಪ್ತಿಯಲ್ಲಿ ಶಾಖೆಯನ್ನು ಹೊಂದಿರಬಹುದಾದ ಸಾರ್ವಜನಿಕ ವಲಯದ ಬ್ಯಾಂಕುಗಳು/ಪ್ರಾದೇಶಿಕ ಗ್ರಾಮೀಣ ಬ್ಯಾಂಕುಗಳು ಹಾಗೂ ಶೆಡ್ಯೂಲ್ಡ್ ಬ್ಯಾಂಕುಗಳಿಂದ ಸ್ಪರ್ಧಾತ್ಮಕ ಬಡ್ಡಿ ದರವನ್ನು ಕೋರಲಾಗಿದೆ. ಜನರಲ್ ಫಂಡ್‌ನ ಮತ್ತು ಕೃಷಿ ಮೇಳಾ ಆವರ್ತ ನಿಧಿಯ ಮೊತ್ತ ರೂ.5,50,00,000.00 ಅಲ್ಪಾವಧಿ ಠೇವಣಿಗಾಗಿ ಲಭ್ಯವಿರುವುದು. ವಿವರವಾದ ಅಧಿಸೂಚನೆ ಮತ್ತು ಅರ್ಹತೆಗಳನ್ನು ತಿಳಿದುಕೊಳ್ಳಲು ವೆಬ್‌ಸೈಟ್ https://kppp.karnataka.gov.in ನ್ನು ನೋಡುವುದು.
ಟೆಂಡರ್ ವೇಳಾಪಟ್ಟಿ
1	ಟೆಂಡರ್ ಸ್ವೀಕರಿಸುವ ಕೊನೆಯ ದಿನಾಂಕ ಮತ್ತು ಸಮಯ	16.02.2026 ಸಾಯಂಕಾಲ 5.00 ಗಂಟೆ
2	ಟೆಂಡರ್ ತೆರೆಯುವ ದಿನಾಂಕ ಮತ್ತು ಸಮಯ	18.02.2026 ಬೆಳಿಗ್ಗೆ 11.00 ಗಂಟೆ
ಆಸಕ್ತ ಬ್ಯಾಂಕುಗಳು ಇ–ಟೆಂಡರ್ ಪೋರ್ಟಲ್ ಮೂಲಕ ಭಾಗವಹಿಸಬಹುದು. ಹೆಚ್ಚಿನ ಮಾಹಿತಿಗಾಗಿ ದೂರವಾಣಿ ಸಂಖ್ಯೆ: 080–23010900 ಯನ್ನು ಸಂಪರ್ಕಿಸಬಹುದು. ಬ್ಯಾಂಕುಗಳು ಈ ಟೆಂಡರ್‌ಗೆ ತಿದ್ದುಪಡಿ/ಜೋಡಣೆ ಅಥವಾ ಇನ್ನೇನಾದರು ತಿಳಿದುಕೊಳ್ಳಲು ಸದಾ ವೆಬ್‌ಸೈಟ್ https://kppp.karnataka.gov.in ನ್ನು ನೋಡುವುದು. ವಿಶ್ವವಿದ್ಯಾಲಯವು ಯಾವುದೇ ಸಮಯದಲ್ಲಿ ಟೆಂಡರ್ ಮುಂದುವರಿಸುವ ಅಥವಾ ರದ್ದು ಪಡಿಸುವ ಕುರಿತು ಅಂತಿಮ ಅಧಿಕಾರವನ್ನು ಹೊಂದಿರುವುದು. ವಿಶ್ವವಿದ್ಯಾಲಯವು ತೆಗೆದುಕೊಳ್ಳುವ ನಿರ್ಣಯವೇ ಅಂತಿಮವಾಗಿರುತ್ತದೆ.
ಸಹಿ/–
ವಾ.ಸಾ.ಇ./ಧಾರವಾಡ/1193/2025–26/ದೇಶಪಾಂಡೆಪಬ್ಲಿಸಿಟಿ	ಆಸ್ತಿ ಅಧಿಕಾರಿಗಳು
